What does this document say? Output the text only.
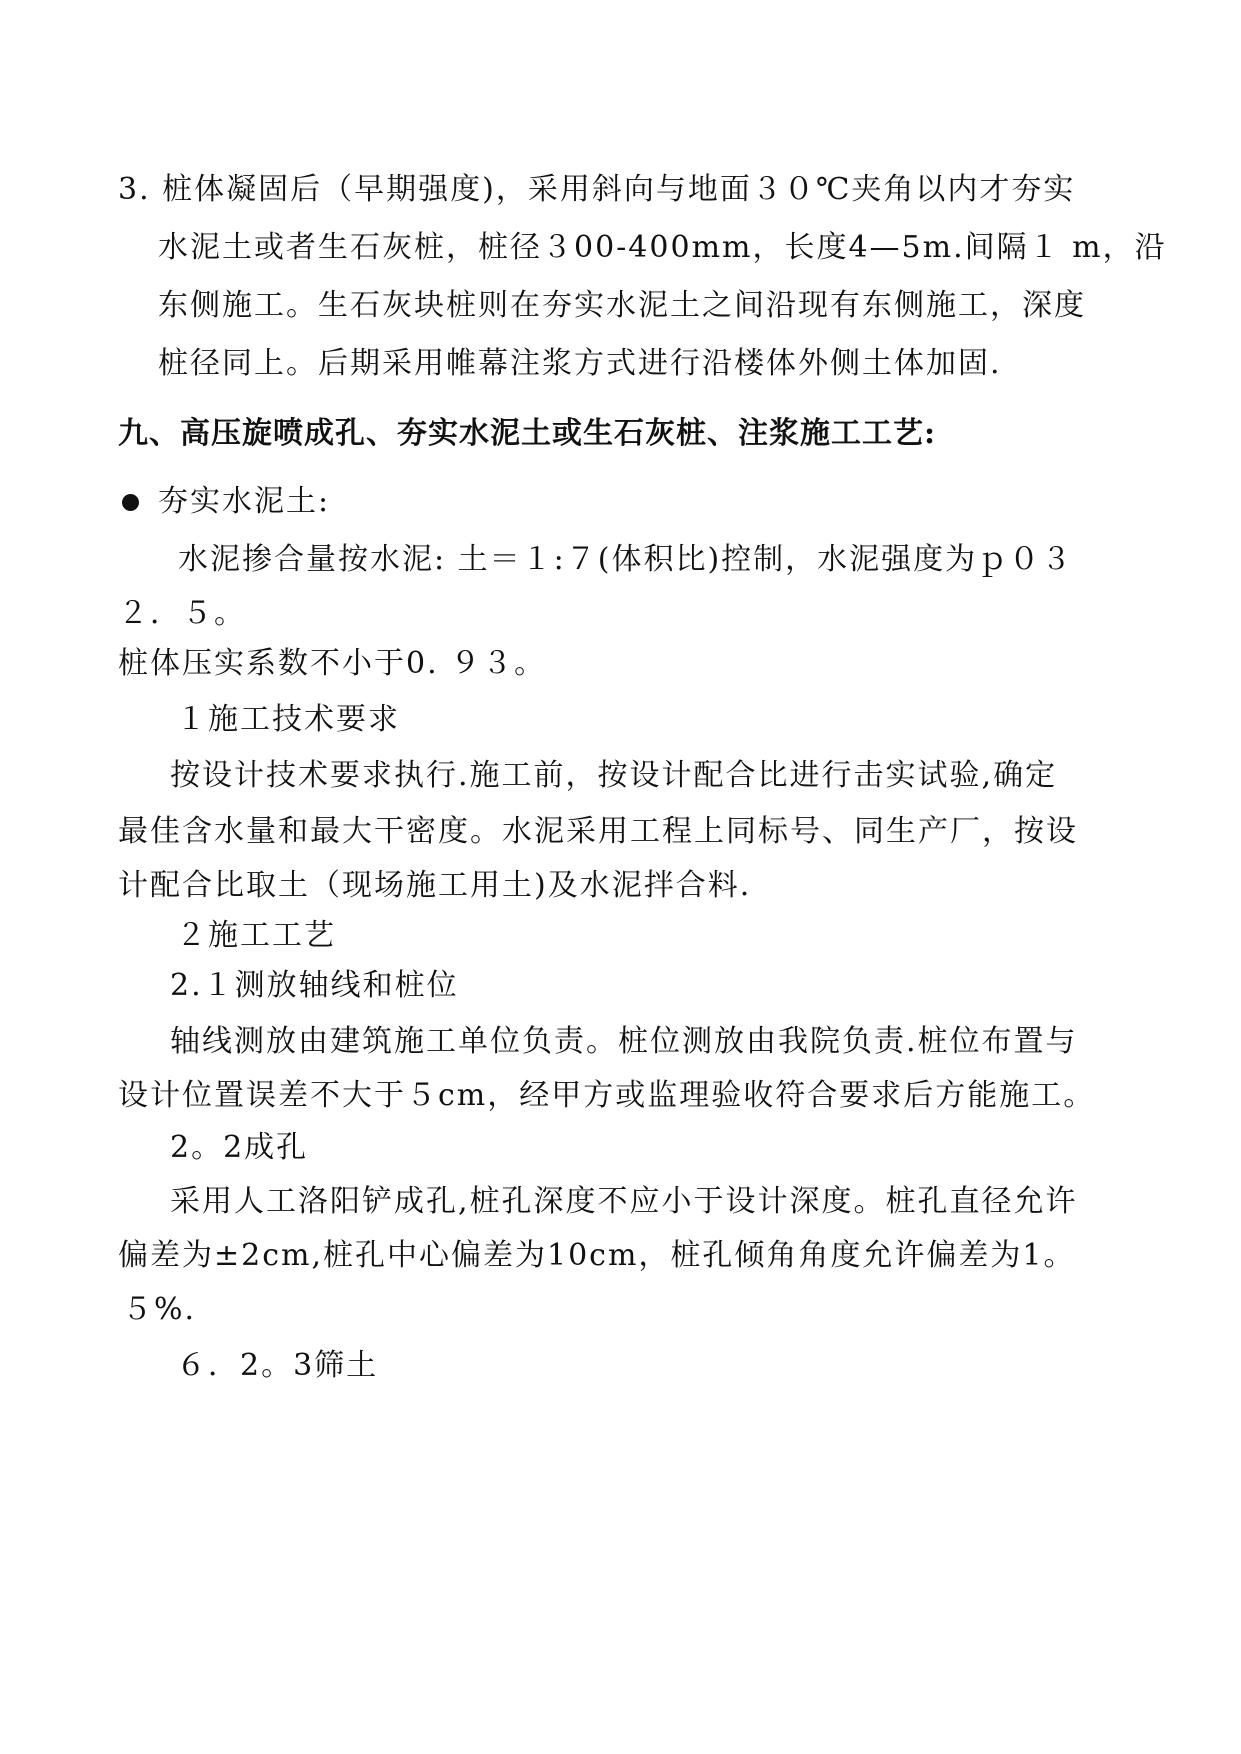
3. 桩体凝固后（早期强度)，采用斜向与地面３０℃夹角以内才夯实
水泥土或者生石灰桩，桩径３00-400mm，长度4—5m.间隔１ m，沿
东侧施工。生石灰块桩则在夯实水泥土之间沿现有东侧施工，深度
桩径同上。后期采用帷幕注浆方式进行沿楼体外侧土体加固.
九、高压旋喷成孔、夯实水泥土或生石灰桩、注浆施工工艺:
夯实水泥土:
水泥掺合量按水泥: 土＝１:７(体积比)控制，水泥强度为ｐ０３
２．５。
桩体压实系数不小于0. ９３。
１施工技术要求
按设计技术要求执行.施工前，按设计配合比进行击实试验,确定
最佳含水量和最大干密度。水泥采用工程上同标号、同生产厂，按设
计配合比取土（现场施工用土)及水泥拌合料.
２施工工艺
2.１测放轴线和桩位
轴线测放由建筑施工单位负责。桩位测放由我院负责.桩位布置与
设计位置误差不大于５cm，经甲方或监理验收符合要求后方能施工。
2。2成孔
采用人工洛阳铲成孔,桩孔深度不应小于设计深度。桩孔直径允许
偏差为±2cm,桩孔中心偏差为10cm，桩孔倾角角度允许偏差为1。
５%.
６．2。3筛土
